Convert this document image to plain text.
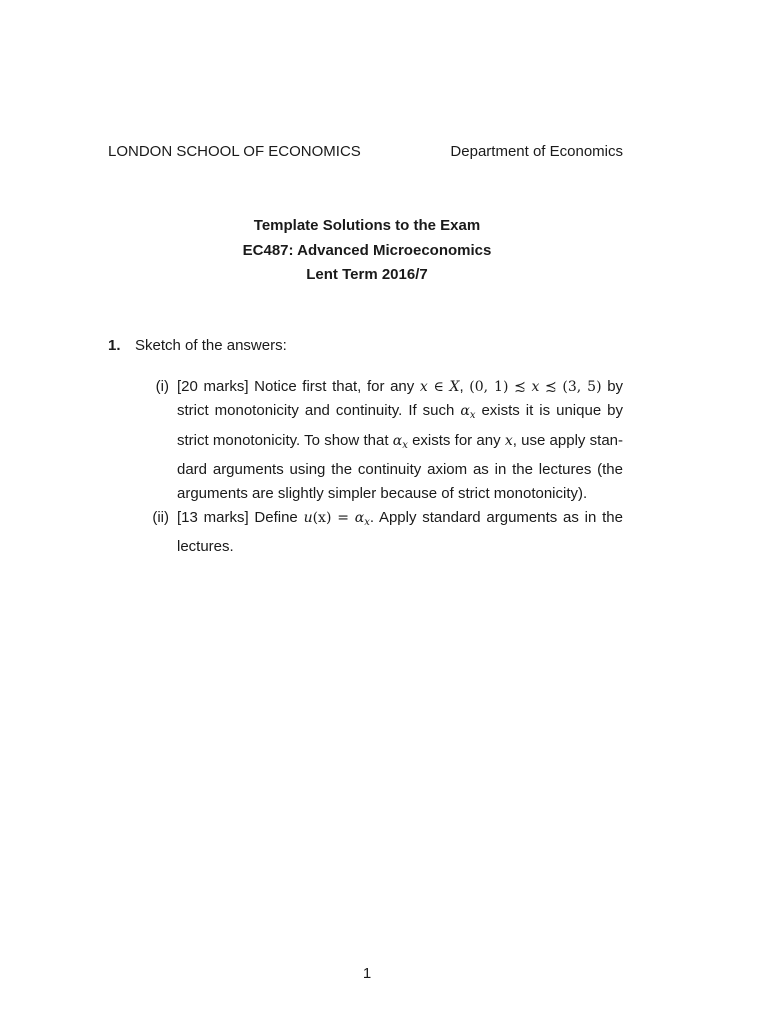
LONDON SCHOOL OF ECONOMICS	Department of Economics
Template Solutions to the Exam
EC487: Advanced Microeconomics
Lent Term 2016/7
1. Sketch of the answers:

(i) [20 marks] Notice first that, for any x ∈ X, (0, 1) ≾ x ≾ (3, 5) by strict monotonicity and continuity. If such $\alpha_x$ exists it is unique by strict monotonicity. To show that $\alpha_x$ exists for any x, use apply stan-dard arguments using the continuity axiom as in the lectures (the arguments are slightly simpler because of strict monotonicity).

(ii) [13 marks] Define $u(x) = \alpha_x$. Apply standard arguments as in the lectures.

1
